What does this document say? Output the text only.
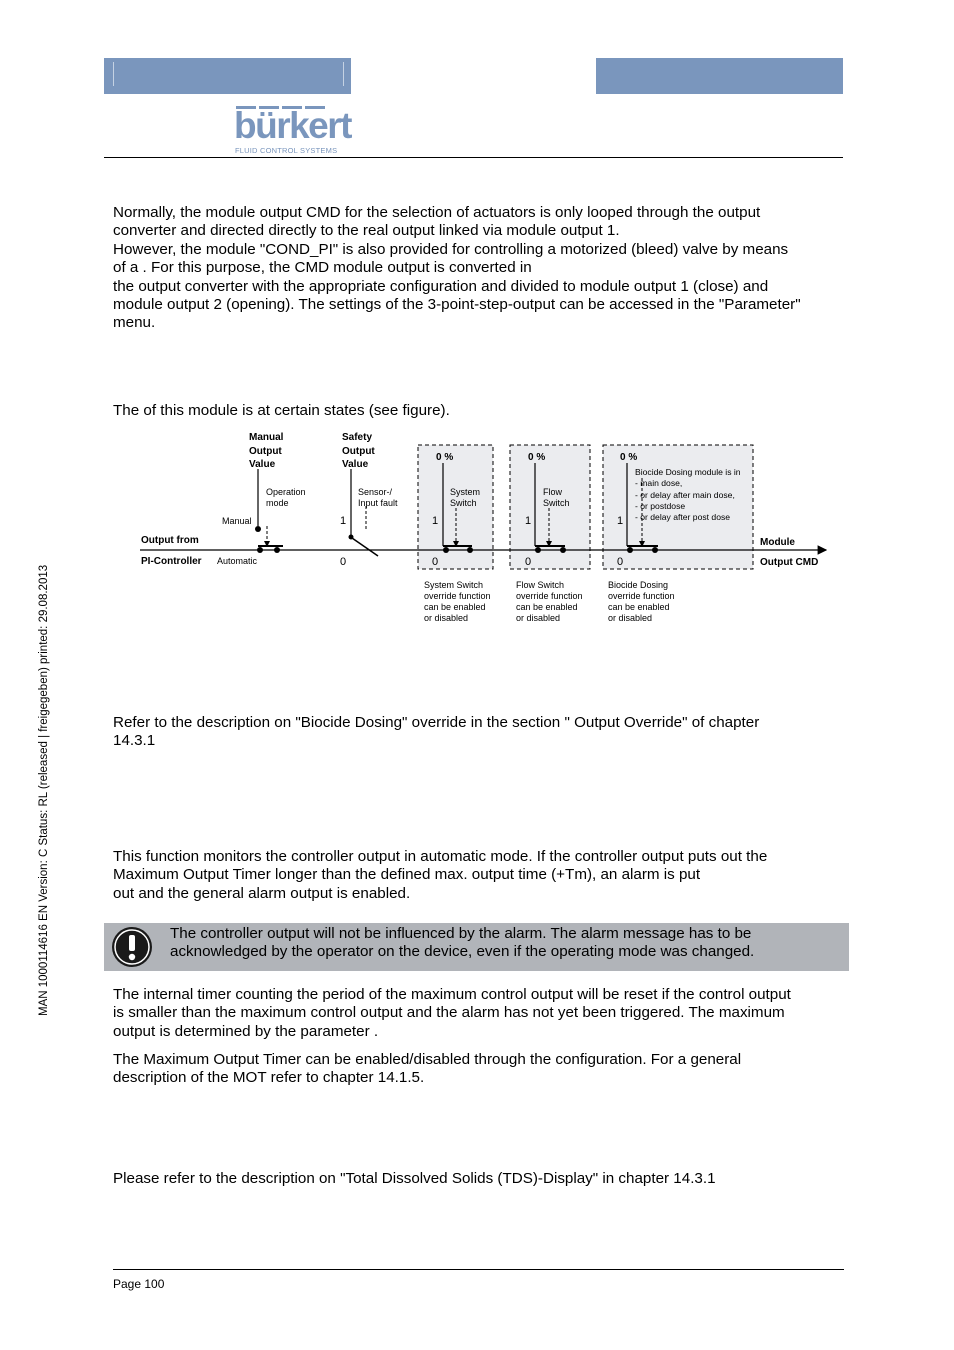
bürkert
FLUID CONTROL SYSTEMS
MAN 1000114616 EN Version: C Status: RL (released | freigegeben) printed: 29.08.2013
Normally, the module output CMD for the selection of actuators is only looped through the output
converter and directed directly to the real output linked via module output 1.
However, the module "COND_PI" is also provided for controlling a motorized (bleed) valve by means
of a . For this purpose, the CMD module output is converted in
the output converter with the appropriate configuration and divided to module output 1 (close) and
module output 2 (opening). The settings of the 3-point-step-output can be accessed in the "Parameter"
menu.
The of this module is at certain states (see figure).
Manual Output Value
Safety Output Value
Operation mode
Manual
Automatic
Output from
PI-Controller
Sensor-/ Input fault
1
0
0 %
System Switch
1
0
0 %
Flow Switch
1
0
0 %
Biocide Dosing module is in - main dose, - or delay after main dose, - or postdose - or delay after post dose
1
0
Module
Output CMD
System Switch override function can be enabled or disabled
Flow Switch override function can be enabled or disabled
Biocide Dosing override function can be enabled or disabled
Refer to the description on "Biocide Dosing" override in the section " Output Override" of chapter
14.3.1
This function monitors the controller output in automatic mode. If the controller output puts out the
Maximum Output Timer longer than the defined max. output time (+Tm), an alarm is put
out and the general alarm output is enabled.
The controller output will not be influenced by the alarm. The alarm message has to be
acknowledged by the operator on the device, even if the operating mode was changed.
The internal timer counting the period of the maximum control output will be reset if the control output
is smaller than the maximum control output and the alarm has not yet been triggered. The maximum
output is determined by the parameter .
The Maximum Output Timer can be enabled/disabled through the configuration. For a general
description of the MOT refer to chapter 14.1.5.
Please refer to the description on "Total Dissolved Solids (TDS)-Display" in chapter 14.3.1
Page 100
